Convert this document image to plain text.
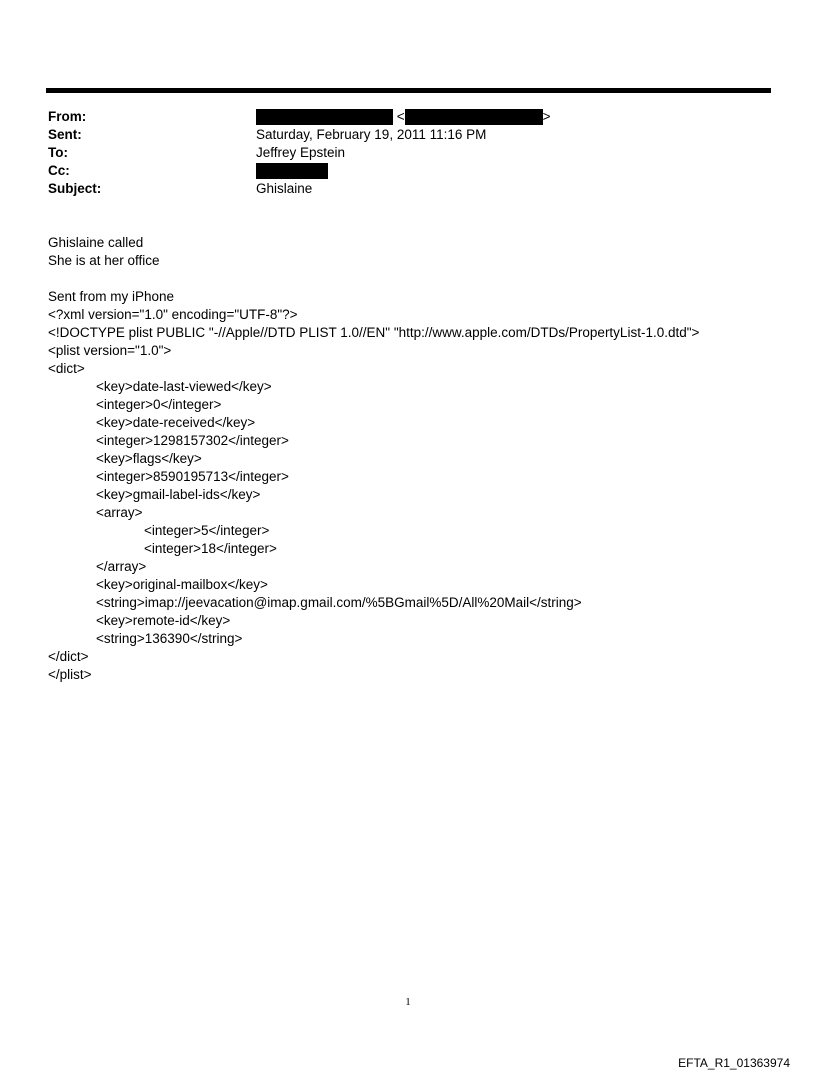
From:	<	>
Sent:	Saturday, February 19, 2011 11:16 PM
To:	Jeffrey Epstein
Cc:
Subject:	Ghislaine
Ghislaine called
She is at her office
Sent from my iPhone
<?xml version="1.0" encoding="UTF-8"?>
<!DOCTYPE plist PUBLIC "-//Apple//DTD PLIST 1.0//EN" "http://www.apple.com/DTDs/PropertyList-1.0.dtd">
<plist version="1.0">
<dict>
<key>date-last-viewed</key>
<integer>0</integer>
<key>date-received</key>
<integer>1298157302</integer>
<key>flags</key>
<integer>8590195713</integer>
<key>gmail-label-ids</key>
<array>
<integer>5</integer>
<integer>18</integer>
</array>
<key>original-mailbox</key>
<string>imap://jeevacation@imap.gmail.com/%5BGmail%5D/All%20Mail</string>
<key>remote-id</key>
<string>136390</string>
</dict>
</plist>
1
EFTA_R1_01363974
